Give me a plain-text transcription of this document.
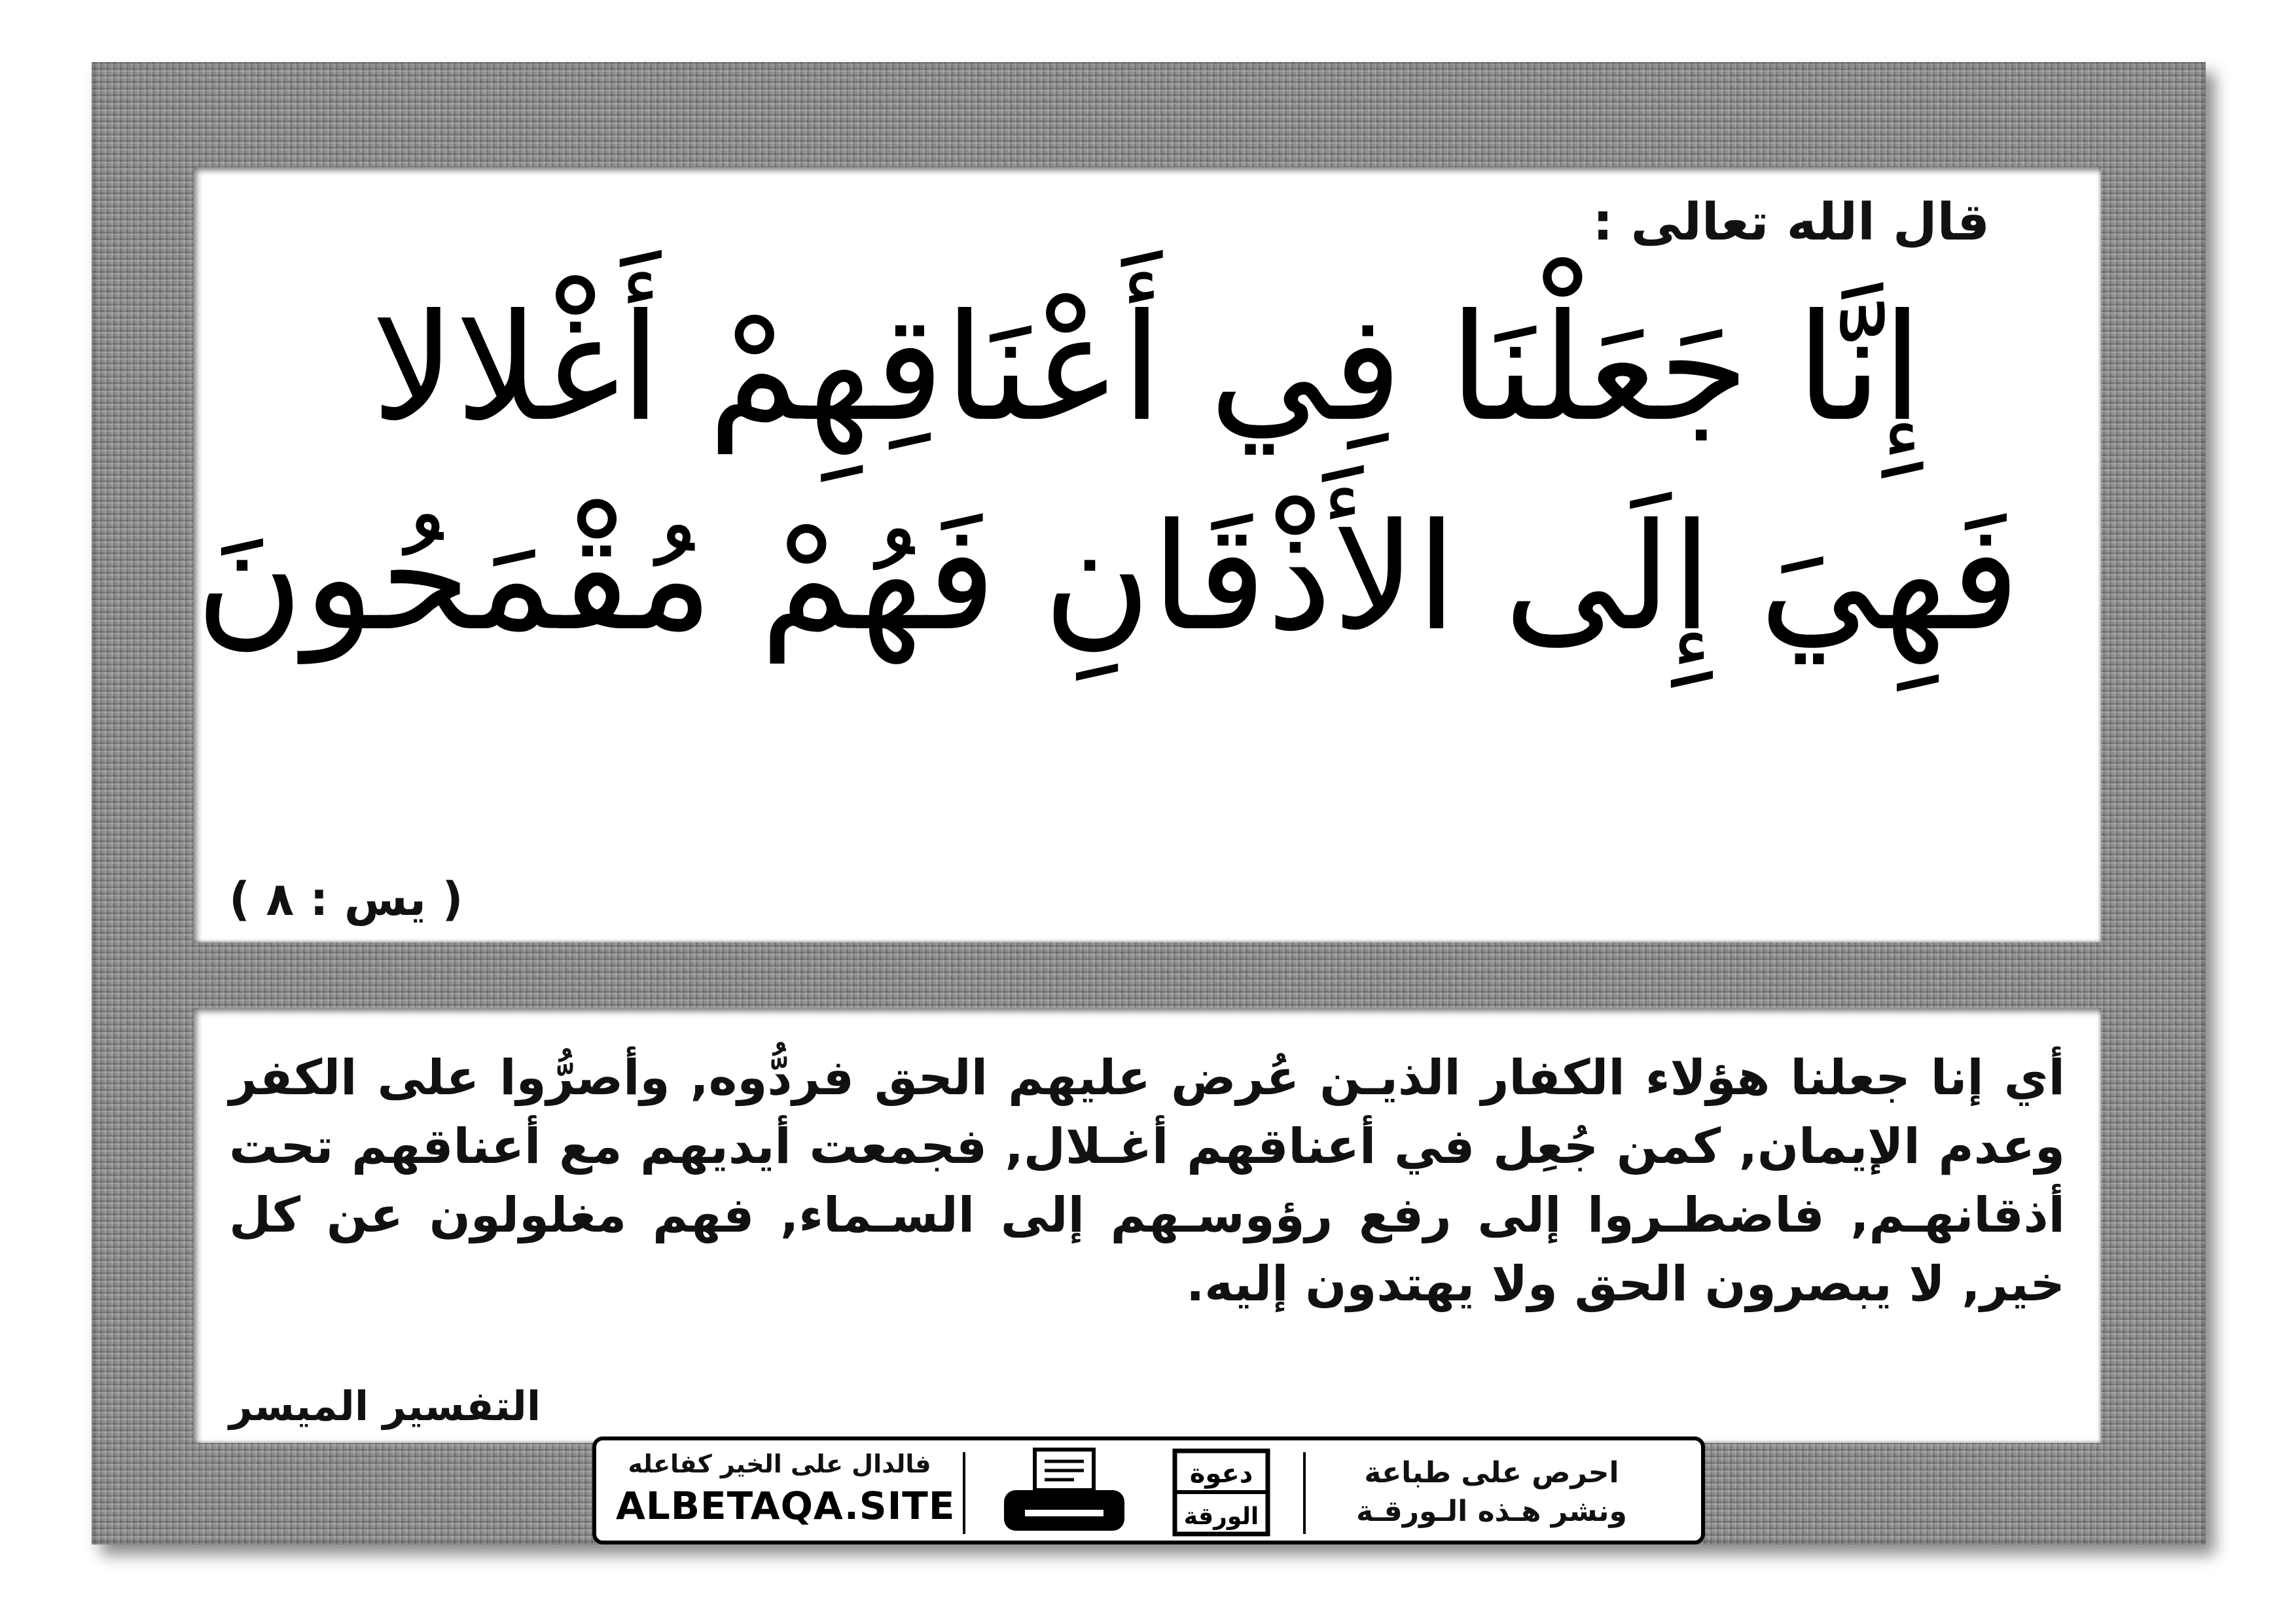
قال الله تعالى :
إِنَّا جَعَلْنَا فِي أَعْنَاقِهِمْ أَغْلالا
فَهِيَ إِلَى الأَذْقَانِ فَهُمْ مُقْمَحُونَ
( يس : ٨ )
أي إنا جعلنا هؤلاء الكفار الذيـن عُرض عليهم الحق فردُّوه, وأصرُّوا على الكفر وعدم الإيمان, كمن جُعِل في أعناقهم أغـلال, فجمعت أيديهم مع أعناقهم تحت أذقانهـم, فاضطـروا إلى رفع رؤوسـهم إلى السـماء, فهم مغلولون عن كل خير, لا يبصرون الحق ولا يهتدون إليه.
التفسير الميسر
فالدال على الخير كفاعله
ALBETAQA.SITE
دعوة
الورقة
احرص على طباعة
ونشر هـذه الـورقـة
